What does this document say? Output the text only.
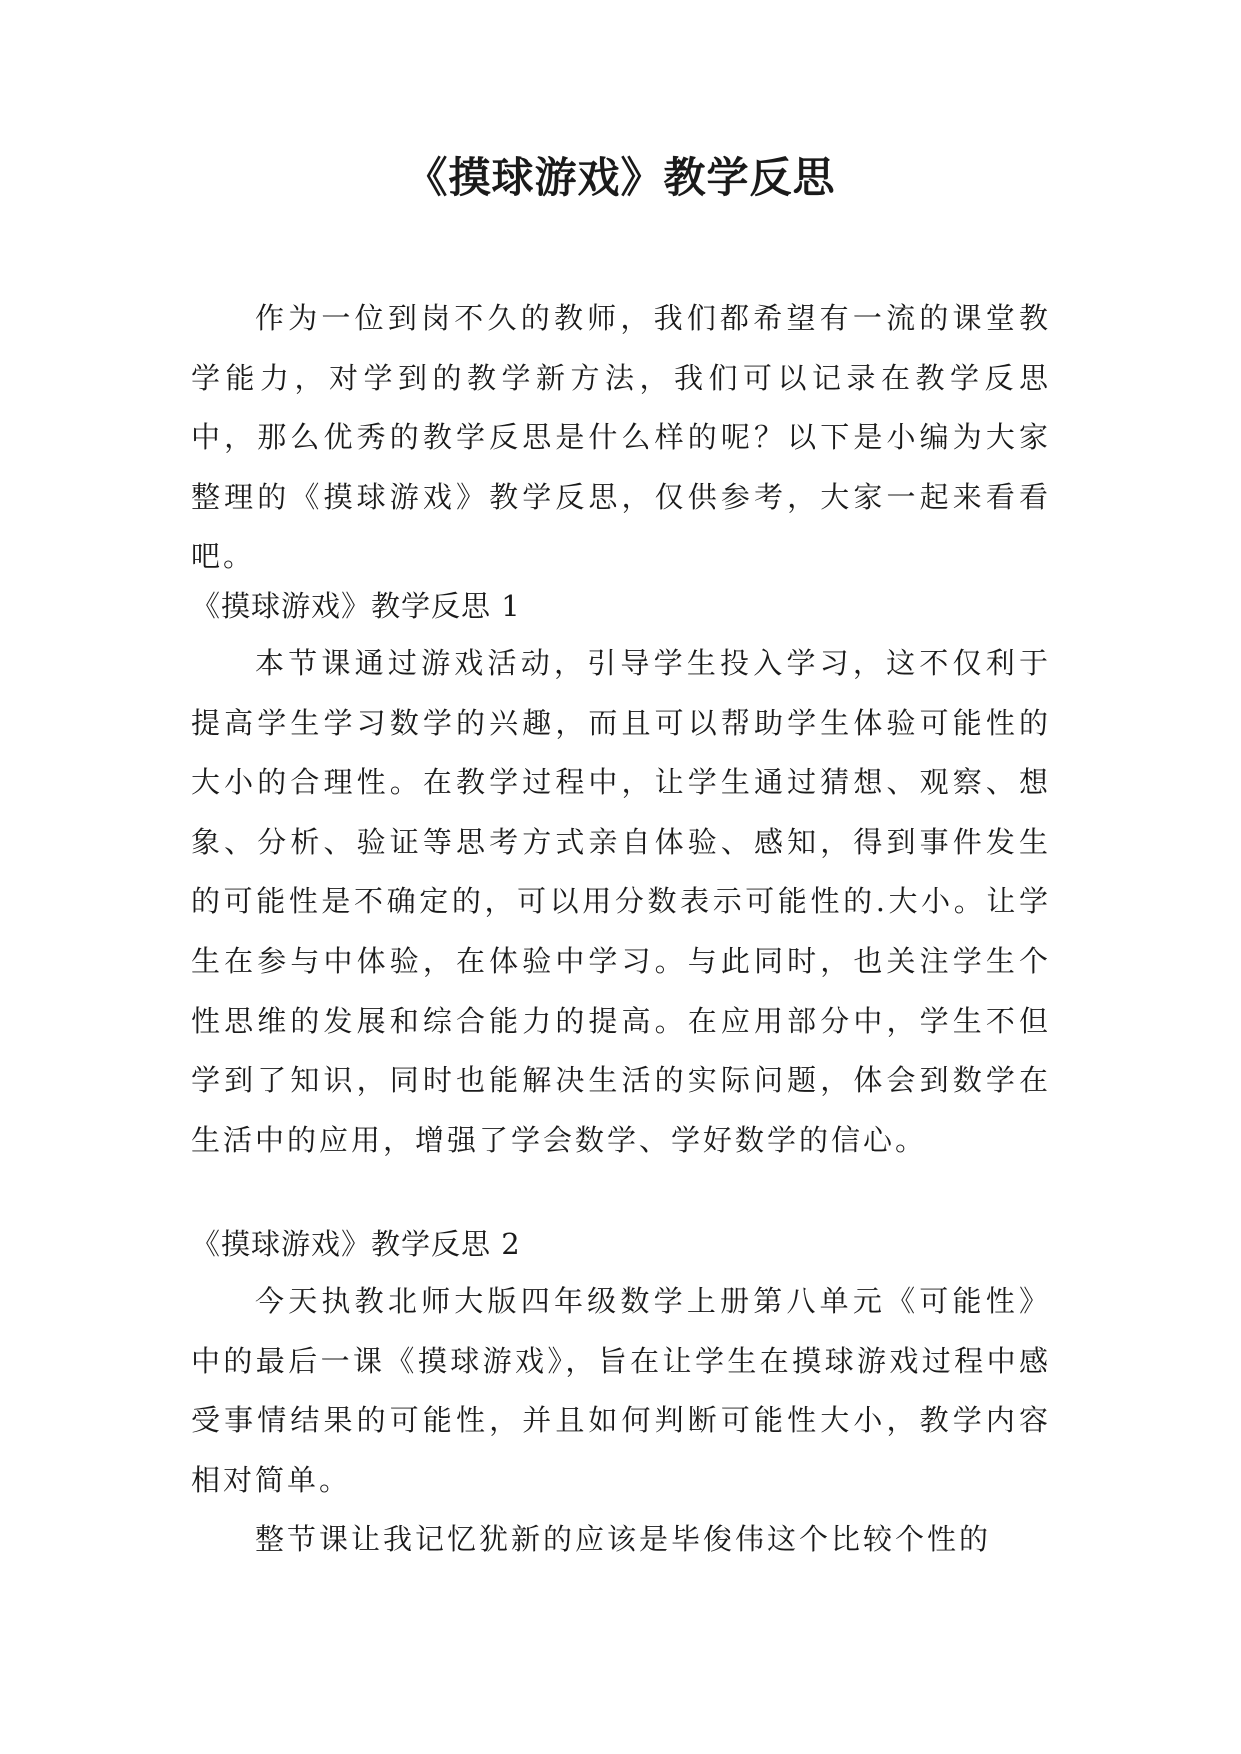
《摸球游戏》教学反思

作为一位到岗不久的教师，我们都希望有一流的课堂教学能力，对学到的教学新方法，我们可以记录在教学反思中，那么优秀的教学反思是什么样的呢？以下是小编为大家整理的《摸球游戏》教学反思，仅供参考，大家一起来看看吧。

《摸球游戏》教学反思 1

本节课通过游戏活动，引导学生投入学习，这不仅利于提高学生学习数学的兴趣，而且可以帮助学生体验可能性的大小的合理性。在教学过程中，让学生通过猜想、观察、想象、分析、验证等思考方式亲自体验、感知，得到事件发生的可能性是不确定的，可以用分数表示可能性的.大小。让学生在参与中体验，在体验中学习。与此同时，也关注学生个性思维的发展和综合能力的提高。在应用部分中，学生不但学到了知识，同时也能解决生活的实际问题，体会到数学在生活中的应用，增强了学会数学、学好数学的信心。

《摸球游戏》教学反思 2

今天执教北师大版四年级数学上册第八单元《可能性》中的最后一课《摸球游戏》，旨在让学生在摸球游戏过程中感受事情结果的可能性，并且如何判断可能性大小，教学内容相对简单。

整节课让我记忆犹新的应该是毕俊伟这个比较个性的
